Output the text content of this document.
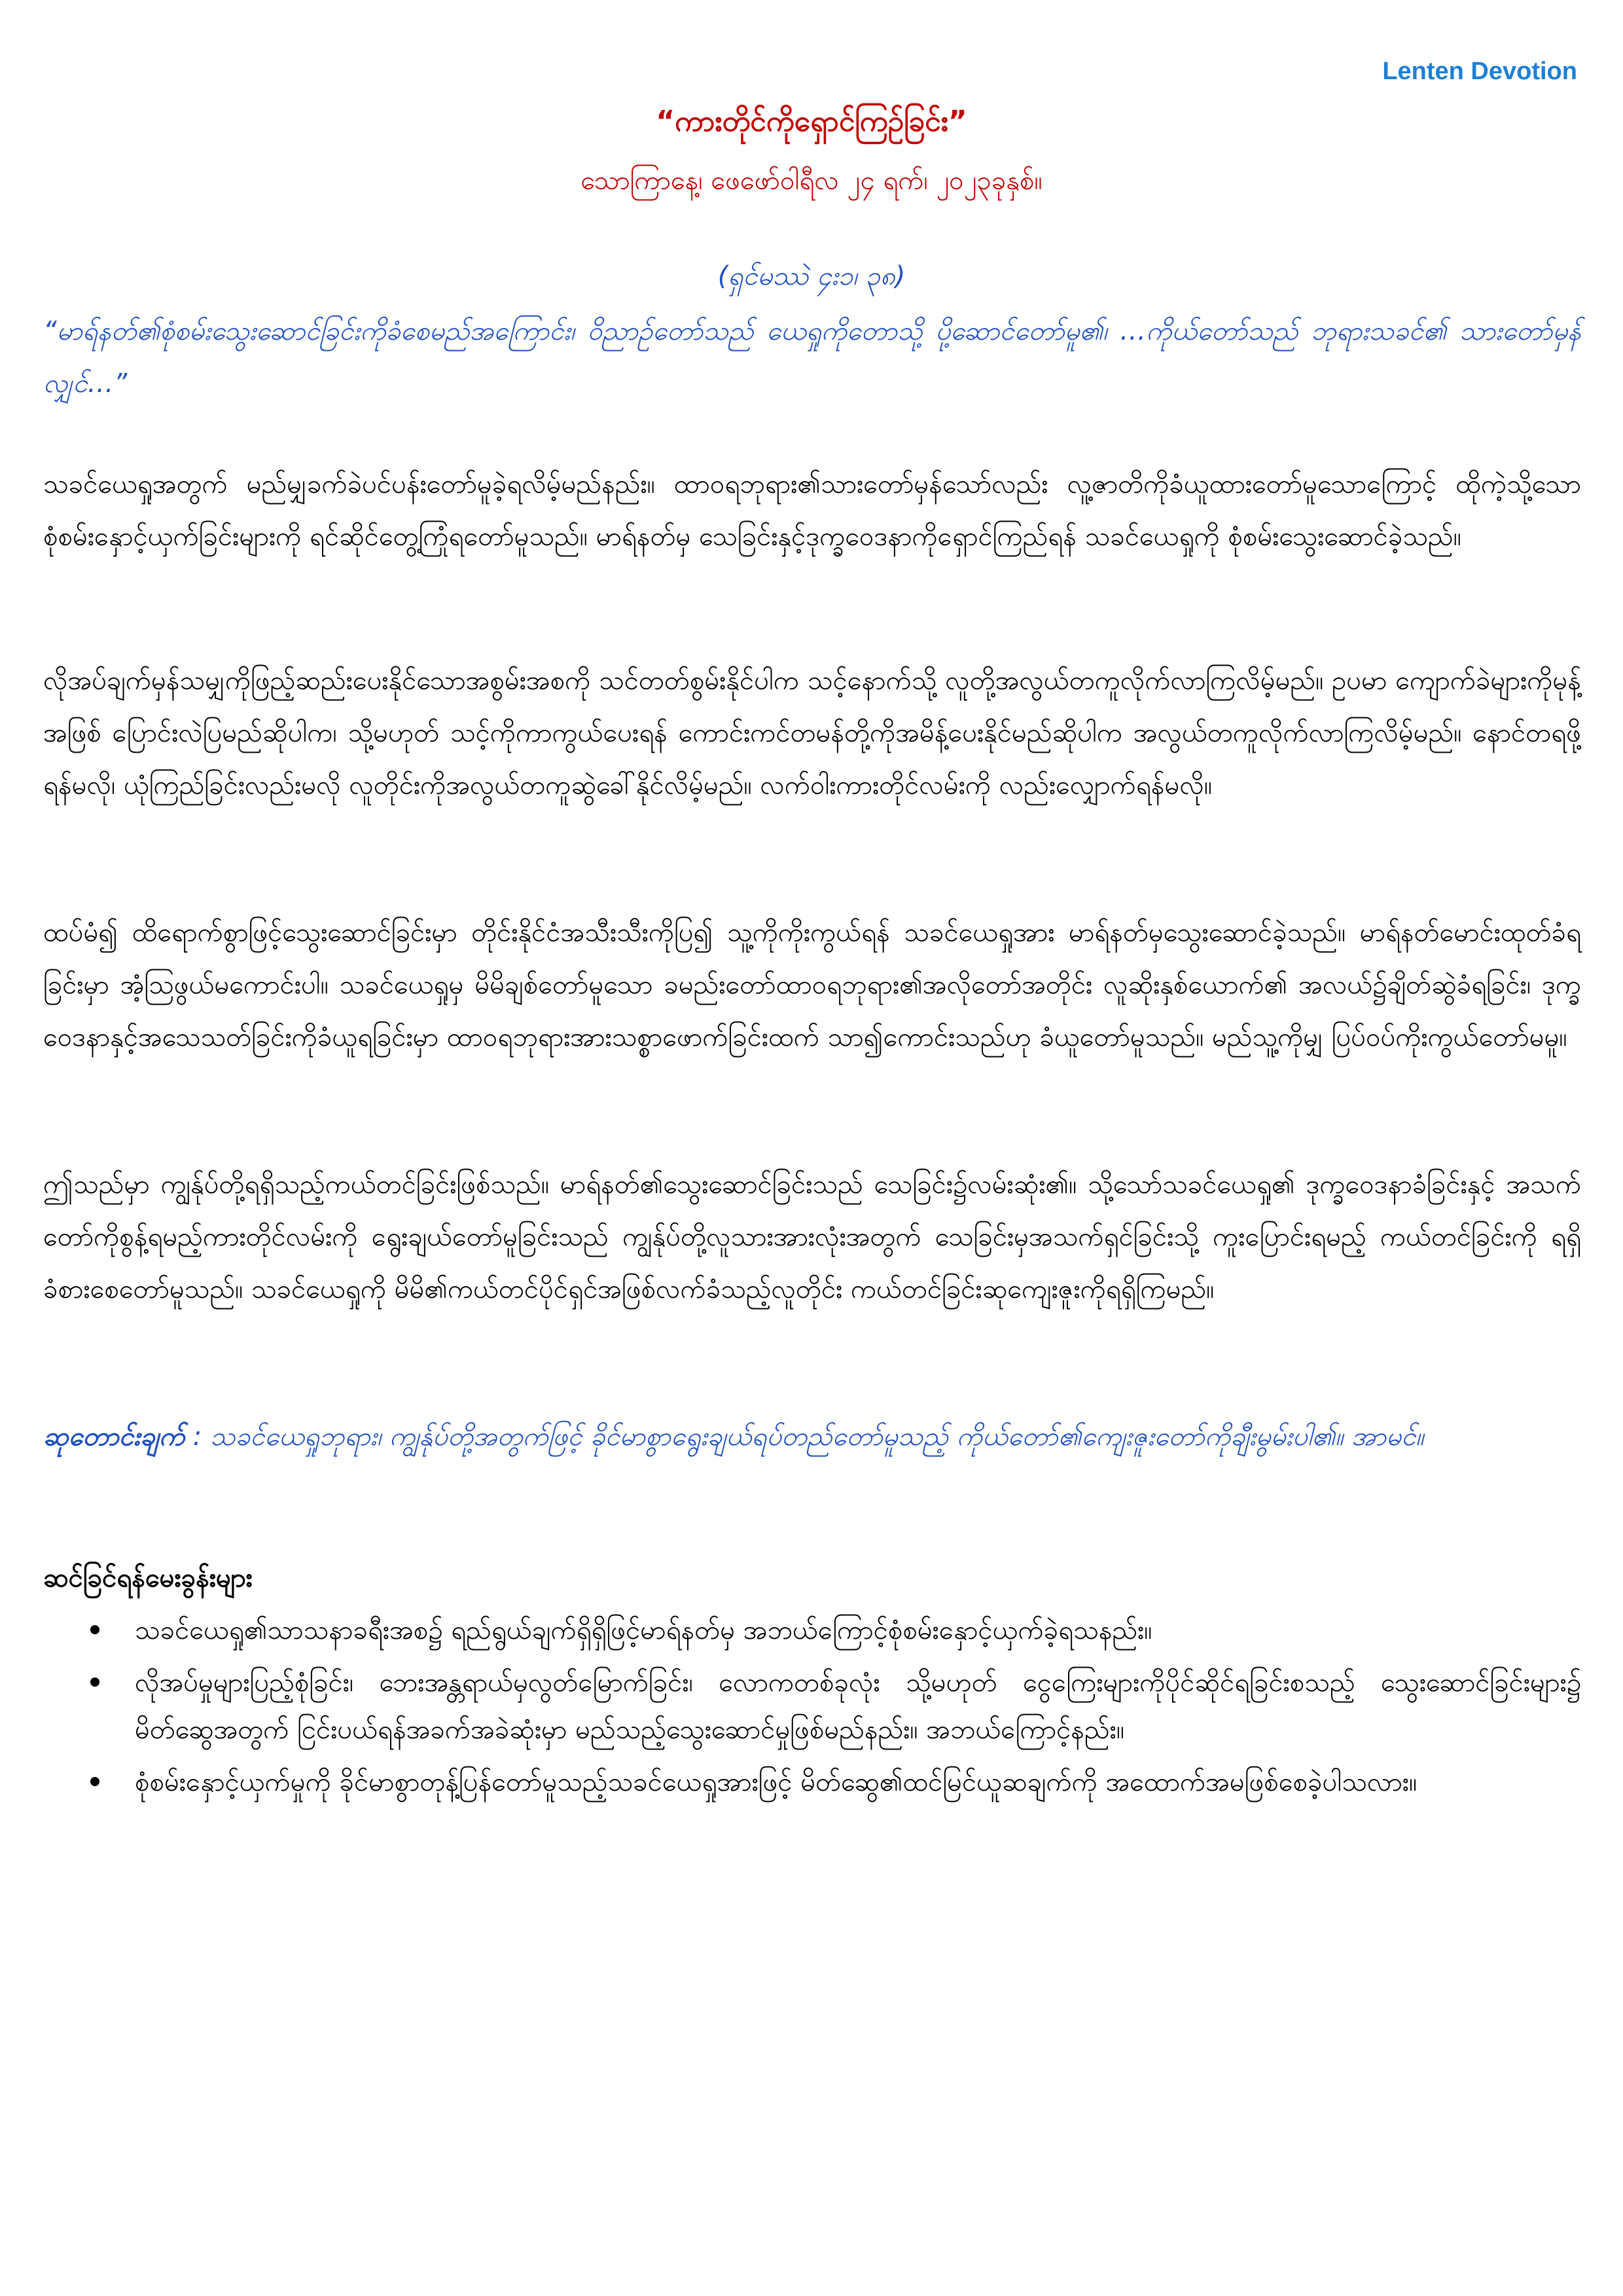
Lenten Devotion
“ကားတိုင်ကိုရှောင်ကြဉ်ခြင်း”
သောကြာနေ့၊ ဖေဖော်ဝါရီလ ၂၄ ရက်၊ ၂၀၂၃ခုနှစ်။
(ရှင်မဿဲ ၄း၁၊ ၃၈)

“မာရ်နတ်၏စုံစမ်းသွေးဆောင်ခြင်းကိုခံစေမည်အကြောင်း၊ ဝိညာဉ်တော်သည် ယေရှုကိုတောသို့ ပို့ဆောင်တော်မူ၏၊ …ကိုယ်တော်သည် ဘုရားသခင်၏ သားတော်မှန်လျှင်…”

သခင်ယေရှုအတွက် မည်မျှခက်ခဲပင်ပန်းတော်မူခဲ့ရလိမ့်မည်နည်း။ ထာဝရဘုရား၏သားတော်မှန်သော်လည်း လူ့ဇာတိကိုခံယူထားတော်မူသောကြောင့် ထိုကဲ့သို့သောစုံစမ်းနှောင့်ယှက်ခြင်းများကို ရင်ဆိုင်တွေ့ကြုံရတော်မူသည်။ မာရ်နတ်မှ သေခြင်းနှင့်ဒုက္ခဝေဒနာကိုရှောင်ကြည်ရန် သခင်ယေရှုကို စုံစမ်းသွေးဆောင်ခဲ့သည်။

လိုအပ်ချက်မှန်သမျှကိုဖြည့်ဆည်းပေးနိုင်သောအစွမ်းအစကို သင်တတ်စွမ်းနိုင်ပါက သင့်နောက်သို့ လူတို့အလွယ်တကူလိုက်လာကြလိမ့်မည်။ ဥပမာ ကျောက်ခဲများကိုမုန့်အဖြစ် ပြောင်းလဲပြမည်ဆိုပါက၊ သို့မဟုတ် သင့်ကိုကာကွယ်ပေးရန် ကောင်းကင်တမန်တို့ကိုအမိန့်ပေးနိုင်မည်ဆိုပါက အလွယ်တကူလိုက်လာကြလိမ့်မည်။ နောင်တရဖို့ရန်မလို၊ ယုံကြည်ခြင်းလည်းမလို လူတိုင်းကိုအလွယ်တကူဆွဲခေါ်နိုင်လိမ့်မည်။ လက်ဝါးကားတိုင်လမ်းကို လည်းလျှောက်ရန်မလို။

ထပ်မံ၍ ထိရောက်စွာဖြင့်သွေးဆောင်ခြင်းမှာ တိုင်းနိုင်ငံအသီးသီးကိုပြ၍ သူ့ကိုကိုးကွယ်ရန် သခင်ယေရှုအား မာရ်နတ်မှသွေးဆောင်ခဲ့သည်။ မာရ်နတ်မောင်းထုတ်ခံရခြင်းမှာ အံ့သြဖွယ်မကောင်းပါ။ သခင်ယေရှုမှ မိမိချစ်တော်မူသော ခမည်းတော်ထာဝရဘုရား၏အလိုတော်အတိုင်း လူဆိုးနှစ်ယောက်၏ အလယ်၌ချိတ်ဆွဲခံရခြင်း၊ ဒုက္ခဝေဒနာနှင့်အသေသတ်ခြင်းကိုခံယူရခြင်းမှာ ထာဝရဘုရားအားသစ္စာဖောက်ခြင်းထက် သာ၍ကောင်းသည်ဟု ခံယူတော်မူသည်။ မည်သူ့ကိုမျှ ပြပ်ဝပ်ကိုးကွယ်တော်မမူ။

ဤသည်မှာ ကျွန်ုပ်တို့ရရှိသည့်ကယ်တင်ခြင်းဖြစ်သည်။ မာရ်နတ်၏သွေးဆောင်ခြင်းသည် သေခြင်း၌လမ်းဆုံး၏။ သို့သော်သခင်ယေရှု၏ ဒုက္ခဝေဒနာခံခြင်းနှင့် အသက်တော်ကိုစွန့်ရမည့်ကားတိုင်လမ်းကို ရွေးချယ်တော်မူခြင်းသည် ကျွန်ုပ်တို့လူသားအားလုံးအတွက် သေခြင်းမှအသက်ရှင်ခြင်းသို့ ကူးပြောင်းရမည့် ကယ်တင်ခြင်းကို ရရှိခံစားစေတော်မူသည်။ သခင်ယေရှုကို မိမိ၏ကယ်တင်ပိုင်ရှင်အဖြစ်လက်ခံသည့်လူတိုင်း ကယ်တင်ခြင်းဆုကျေးဇူးကိုရရှိကြမည်။

ဆုတောင်းချက် : သခင်ယေရှုဘုရား၊ ကျွန်ုပ်တို့အတွက်ဖြင့် ခိုင်မာစွာရွေးချယ်ရပ်တည်တော်မူသည့် ကိုယ်တော်၏ကျေးဇူးတော်ကိုချီးမွမ်းပါ၏။ အာမင်။

ဆင်ခြင်ရန်မေးခွန်းများ

သခင်ယေရှု၏သာသနာခရီးအစ၌ ရည်ရွယ်ချက်ရှိရှိဖြင့်မာရ်နတ်မှ အဘယ်ကြောင့်စုံစမ်းနှောင့်ယှက်ခဲ့ရသနည်း။
လိုအပ်မှုများပြည့်စုံခြင်း၊ ဘေးအန္တရာယ်မှလွတ်မြောက်ခြင်း၊ လောကတစ်ခုလုံး သို့မဟုတ် ငွေကြေးများကိုပိုင်ဆိုင်ရခြင်းစသည့် သွေးဆောင်ခြင်းများ၌ မိတ်ဆွေအတွက် ငြင်းပယ်ရန်အခက်အခဲဆုံးမှာ မည်သည့်သွေးဆောင်မှုဖြစ်မည်နည်း။ အဘယ်ကြောင့်နည်း။
စုံစမ်းနှောင့်ယှက်မှုကို ခိုင်မာစွာတုန့်ပြန်တော်မူသည့်သခင်ယေရှုအားဖြင့် မိတ်ဆွေ၏ထင်မြင်ယူဆချက်ကို အထောက်အမဖြစ်စေခဲ့ပါသလား။
